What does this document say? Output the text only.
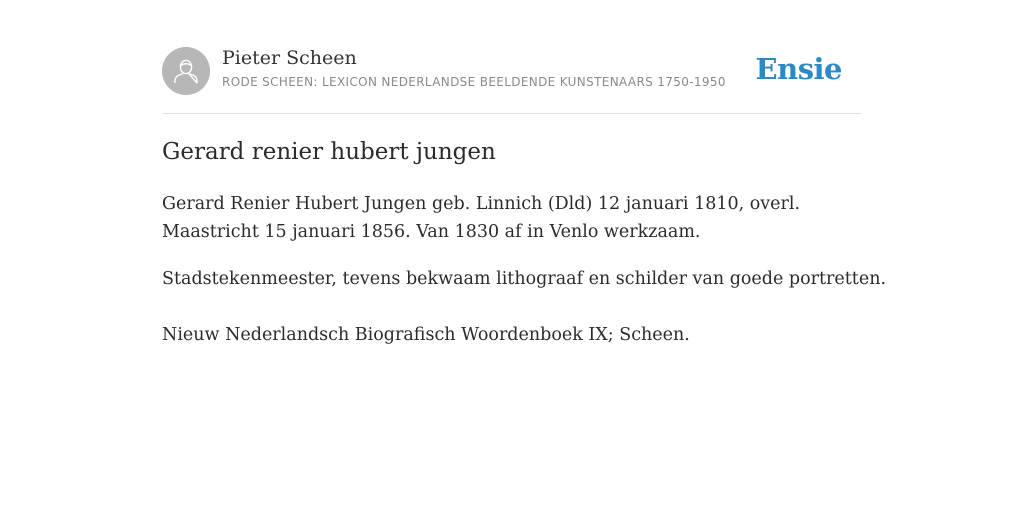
Pieter Scheen
RODE SCHEEN: LEXICON NEDERLANDSE BEELDENDE KUNSTENAARS 1750-1950 Ensie
Gerard renier hubert jungen

Gerard Renier Hubert Jungen geb. Linnich (Dld) 12 januari 1810, overl. Maastricht 15 januari 1856. Van 1830 af in Venlo werkzaam.

Stadstekenmeester, tevens bekwaam lithograaf en schilder van goede portretten.

Nieuw Nederlandsch Biografisch Woordenboek IX; Scheen.
